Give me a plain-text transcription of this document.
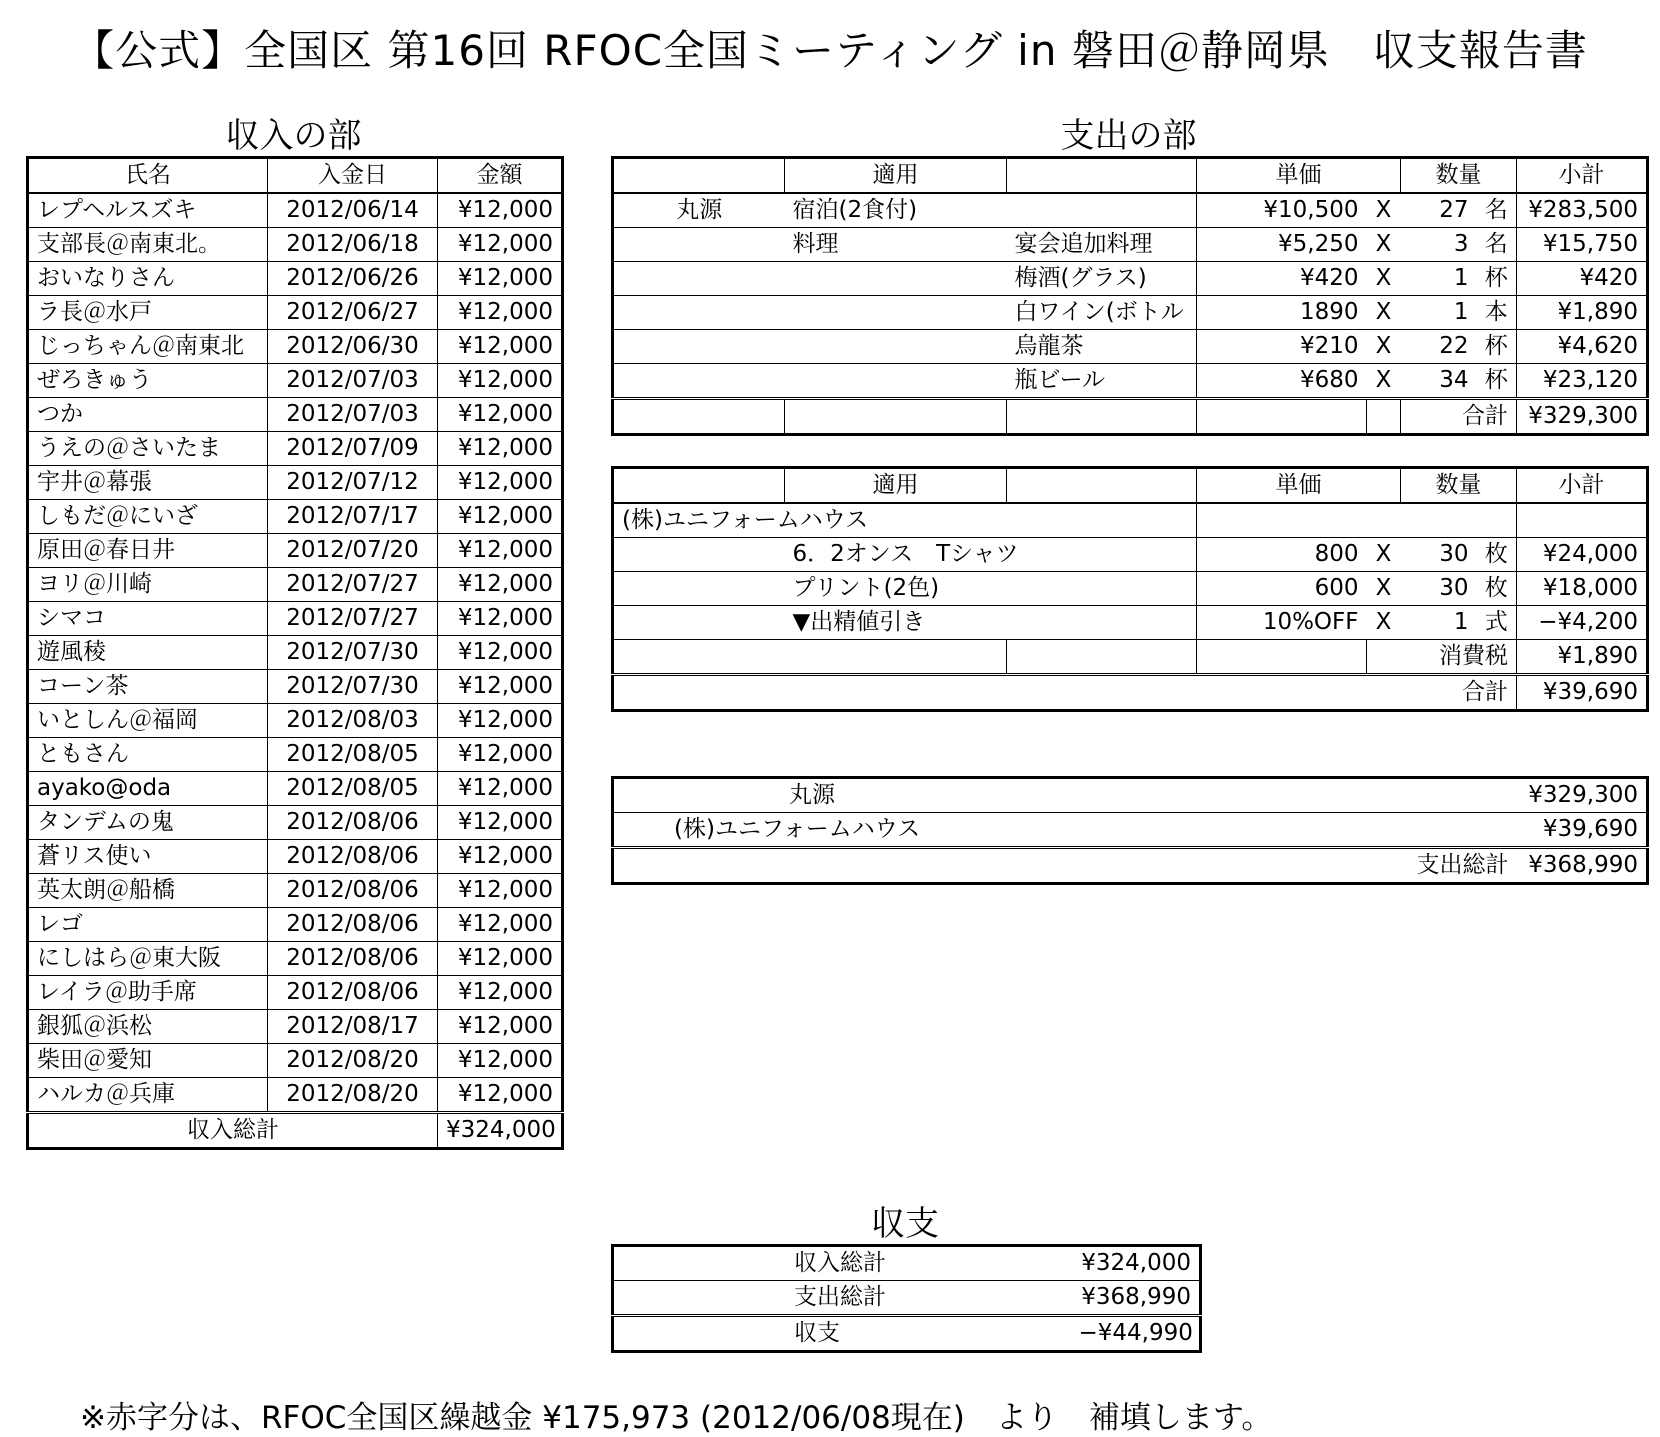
【公式】全国区 第16回 RFOC全国ミーティング in 磐田＠静岡県　収支報告書
収入の部	支出の部
収支
氏名	入金日	金額
レプヘルスズキ	2012/06/14	¥12,000
支部長＠南東北。	2012/06/18	¥12,000
おいなりさん	2012/06/26	¥12,000
ラ長＠水戸	2012/06/27	¥12,000
じっちゃん＠南東北	2012/06/30	¥12,000
ぜろきゅう	2012/07/03	¥12,000
つか	2012/07/03	¥12,000
うえの＠さいたま	2012/07/09	¥12,000
宇井＠幕張	2012/07/12	¥12,000
しもだ＠にいざ	2012/07/17	¥12,000
原田＠春日井	2012/07/20	¥12,000
ヨリ＠川崎	2012/07/27	¥12,000
シマコ	2012/07/27	¥12,000
遊風稜	2012/07/30	¥12,000
コーン茶	2012/07/30	¥12,000
いとしん＠福岡	2012/08/03	¥12,000
ともさん	2012/08/05	¥12,000
ayako@oda	2012/08/05	¥12,000
タンデムの鬼	2012/08/06	¥12,000
蒼リス使い	2012/08/06	¥12,000
英太朗＠船橋	2012/08/06	¥12,000
レゴ	2012/08/06	¥12,000
にしはら＠東大阪	2012/08/06	¥12,000
レイラ＠助手席	2012/08/06	¥12,000
銀狐＠浜松	2012/08/17	¥12,000
柴田＠愛知	2012/08/20	¥12,000
ハルカ＠兵庫	2012/08/20	¥12,000
収入総計		¥324,000
	適用		単価		数量		小計
丸源	宿泊(2食付)		¥10,500	X	27	名	¥283,500
	料理	宴会追加料理	¥5,250	X	3	名	¥15,750
		梅酒(グラス)	¥420	X	1	杯	¥420
		白ワイン(ボトル	1890	X	1	本	¥1,890
		烏龍茶	¥210	X	22	杯	¥4,620
		瓶ビール	¥680	X	34	杯	¥23,120
					合計		¥329,300
	適用		単価		数量		小計
(株)ユニフォームハウス							
	6．2オンス　Tシャツ		800	X	30	枚	¥24,000
	プリント(2色)		600	X	30	枚	¥18,000
	▼出精値引き		10%OFF	X	1	式	−¥4,200
				消費税			¥1,890
合計							¥39,690
丸源	¥329,300
(株)ユニフォームハウス	¥39,690
支出総計	¥368,990
収入総計	¥324,000
支出総計	¥368,990
収支	−¥44,990
※赤字分は、RFOC全国区繰越金 ¥175,973 (2012/06/08現在)　より　補填します。
